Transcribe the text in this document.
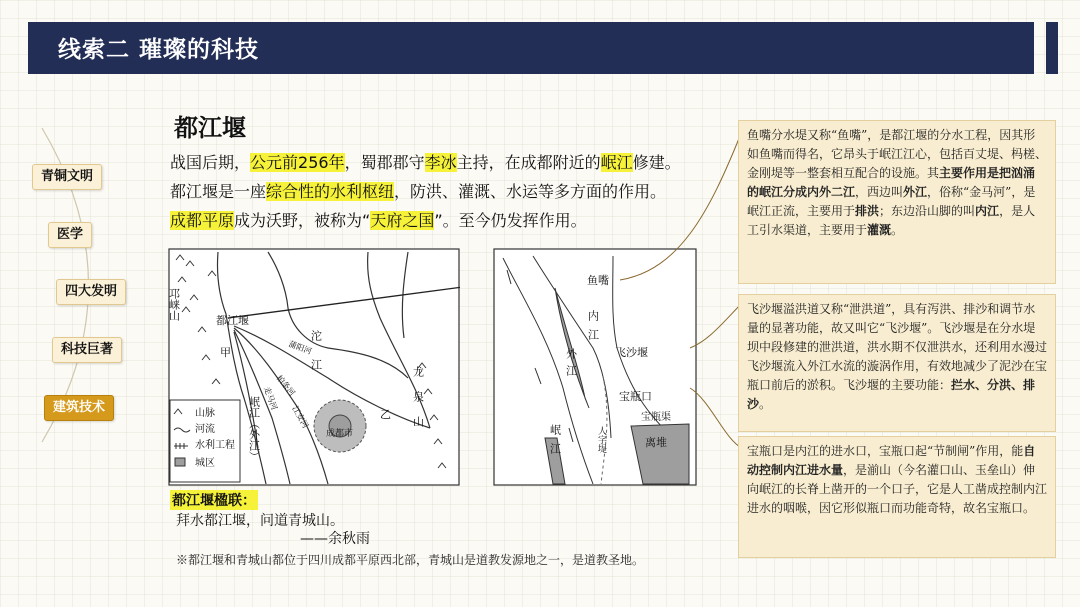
线索二 璀璨的科技
青铜文明
医学
四大发明
科技巨著
建筑技术
都江堰
战国后期，公元前256年，蜀郡郡守李冰主持，在成都附近的岷江修建。
都江堰是一座综合性的水利枢纽，防洪、灌溉、水运等多方面的作用。
成都平原成为沃野，被称为“天府之国”。至今仍发挥作用。
山脉
河流
水利工程
城区
邛崃山	都江堰
甲	沱江
岷江（外江）	成都市
乙 龙泉山
蒲阳河
柏条河
走马河
江安河
鱼嘴
内江
外江	飞沙堰
宝瓶口
宝瓶渠
离堆
岷江	人字堤
鱼嘴分水堤又称“鱼嘴”，是都江堰的分水工程，因其形如鱼嘴而得名，它昂头于岷江江心，包括百丈堤、杩槎、金刚堤等一整套相互配合的设施。其主要作用是把汹涌的岷江分成内外二江，西边叫外江，俗称“金马河”，是岷江正流，主要用于排洪；东边沿山脚的叫内江，是人工引水渠道，主要用于灌溉。
飞沙堰溢洪道又称“泄洪道”，具有泻洪、排沙和调节水量的显著功能，故又叫它“飞沙堰”。飞沙堰是在分水堤坝中段修建的泄洪道，洪水期不仅泄洪水，还利用水漫过飞沙堰流入外江水流的漩涡作用，有效地减少了泥沙在宝瓶口前后的淤积。飞沙堰的主要功能：拦水、分洪、排沙。
宝瓶口是内江的进水口，宝瓶口起“节制闸”作用，能自动控制内江进水量，是湔山（今名灌口山、玉垒山）伸向岷江的长脊上凿开的一个口子，它是人工凿成控制内江进水的咽喉，因它形似瓶口而功能奇特，故名宝瓶口。
都江堰楹联：
拜水都江堰，问道青城山。
——余秋雨
※都江堰和青城山都位于四川成都平原西北部，青城山是道教发源地之一，是道教圣地。
